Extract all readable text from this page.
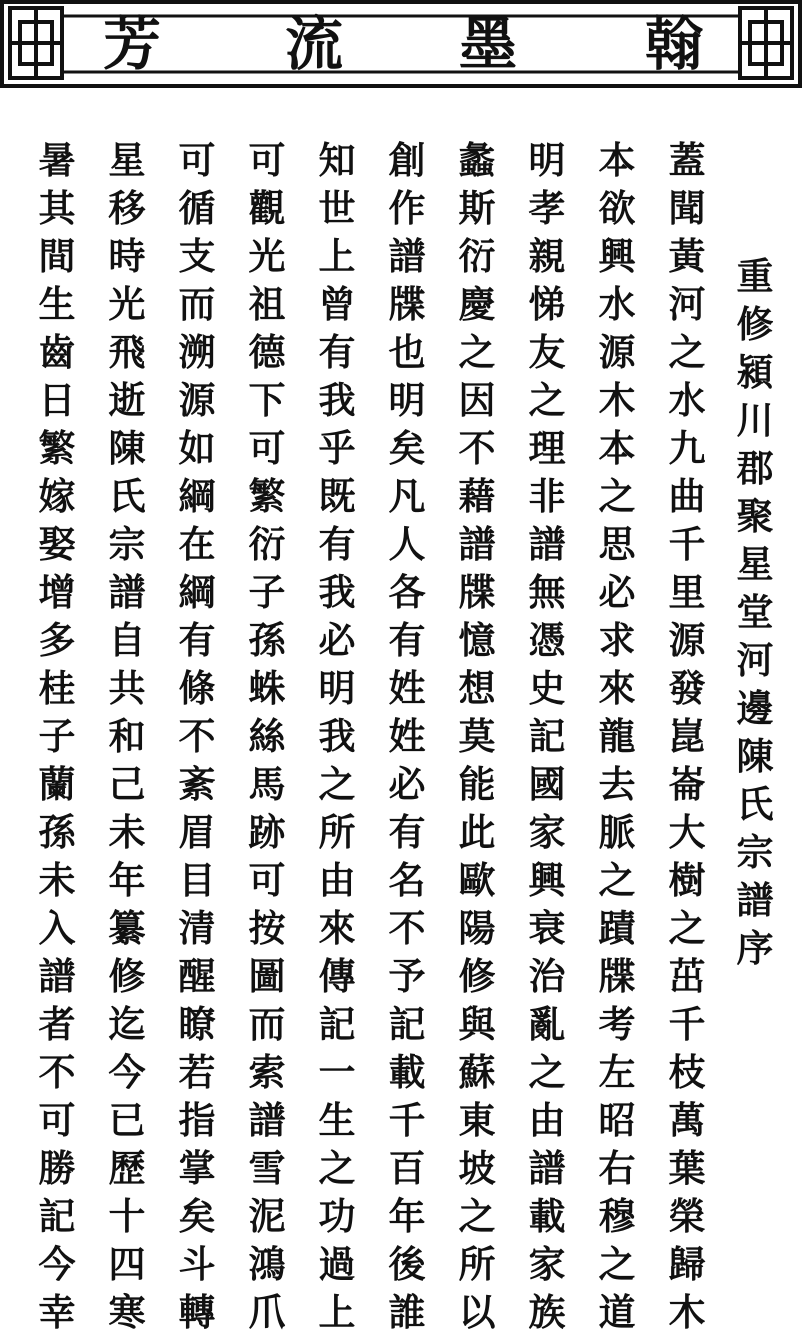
芳 流 墨 翰
重
修
潁
川
郡
聚
星
堂
河
邊
陳
氏
宗
譜
序
蓋
聞
黃
河
之
水
九
曲
千
里
源
發
崑
崙
大
樹
之
茁
千
枝
萬
葉
榮
歸
木
本
欲
興
水
源
木
本
之
思
必
求
來
龍
去
脈
之
蹟
牒
考
左
昭
右
穆
之
道
明
孝
親
悌
友
之
理
非
譜
無
憑
史
記
國
家
興
衰
治
亂
之
由
譜
載
家
族
蠡
斯
衍
慶
之
因
不
藉
譜
牒
憶
想
莫
能
此
歐
陽
修
與
蘇
東
坡
之
所
以
創
作
譜
牒
也
明
矣
凡
人
各
有
姓
姓
必
有
名
不
予
記
載
千
百
年
後
誰
知
世
上
曾
有
我
乎
既
有
我
必
明
我
之
所
由
來
傳
記
一
生
之
功
過
上
可
觀
光
祖
德
下
可
繁
衍
子
孫
蛛
絲
馬
跡
可
按
圖
而
索
譜
雪
泥
鴻
爪
可
循
支
而
溯
源
如
綱
在
綱
有
條
不
紊
眉
目
清
醒
瞭
若
指
掌
矣
斗
轉
星
移
時
光
飛
逝
陳
氏
宗
譜
自
共
和
己
未
年
纂
修
迄
今
已
歷
十
四
寒
暑
其
間
生
齒
日
繁
嫁
娶
增
多
桂
子
蘭
孫
未
入
譜
者
不
可
勝
記
今
幸
